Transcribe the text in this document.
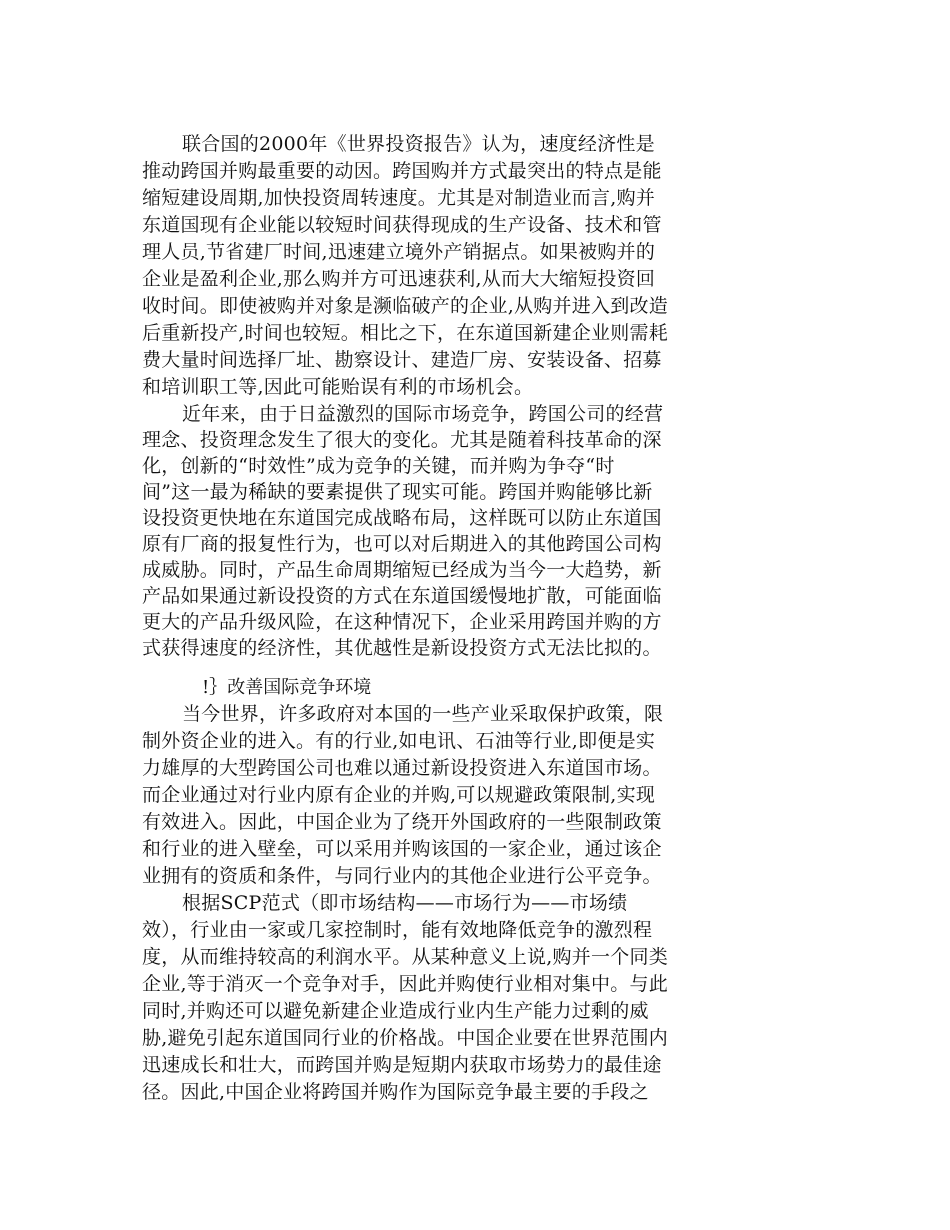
联合国的2000年《世界投资报告》认为，速度经济性是
推动跨国并购最重要的动因。跨国购并方式最突出的特点是能
缩短建设周期,加快投资周转速度。尤其是对制造业而言,购并
东道国现有企业能以较短时间获得现成的生产设备、技术和管
理人员,节省建厂时间,迅速建立境外产销据点。如果被购并的
企业是盈利企业,那么购并方可迅速获利,从而大大缩短投资回
收时间。即使被购并对象是濒临破产的企业,从购并进入到改造
后重新投产,时间也较短。相比之下，在东道国新建企业则需耗
费大量时间选择厂址、勘察设计、建造厂房、安装设备、招募
和培训职工等,因此可能贻误有利的市场机会。
近年来，由于日益激烈的国际市场竞争，跨国公司的经营
理念、投资理念发生了很大的变化。尤其是随着科技革命的深
化，创新的“时效性”成为竞争的关键，而并购为争夺“时
间”这一最为稀缺的要素提供了现实可能。跨国并购能够比新
设投资更快地在东道国完成战略布局，这样既可以防止东道国
原有厂商的报复性行为，也可以对后期进入的其他跨国公司构
成威胁。同时，产品生命周期缩短已经成为当今一大趋势，新
产品如果通过新设投资的方式在东道国缓慢地扩散，可能面临
更大的产品升级风险，在这种情况下，企业采用跨国并购的方
式获得速度的经济性，其优越性是新设投资方式无法比拟的。
!｝改善国际竞争环境
当今世界，许多政府对本国的一些产业采取保护政策，限
制外资企业的进入。有的行业,如电讯、石油等行业,即便是实
力雄厚的大型跨国公司也难以通过新设投资进入东道国市场。
而企业通过对行业内原有企业的并购,可以规避政策限制,实现
有效进入。因此，中国企业为了绕开外国政府的一些限制政策
和行业的进入壁垒，可以采用并购该国的一家企业，通过该企
业拥有的资质和条件，与同行业内的其他企业进行公平竞争。
根据SCP范式（即市场结构——市场行为——市场绩
效），行业由一家或几家控制时，能有效地降低竞争的激烈程
度，从而维持较高的利润水平。从某种意义上说,购并一个同类
企业,等于消灭一个竞争对手，因此并购使行业相对集中。与此
同时,并购还可以避免新建企业造成行业内生产能力过剩的威
胁,避免引起东道国同行业的价格战。中国企业要在世界范围内
迅速成长和壮大，而跨国并购是短期内获取市场势力的最佳途
径。因此,中国企业将跨国并购作为国际竞争最主要的手段之
